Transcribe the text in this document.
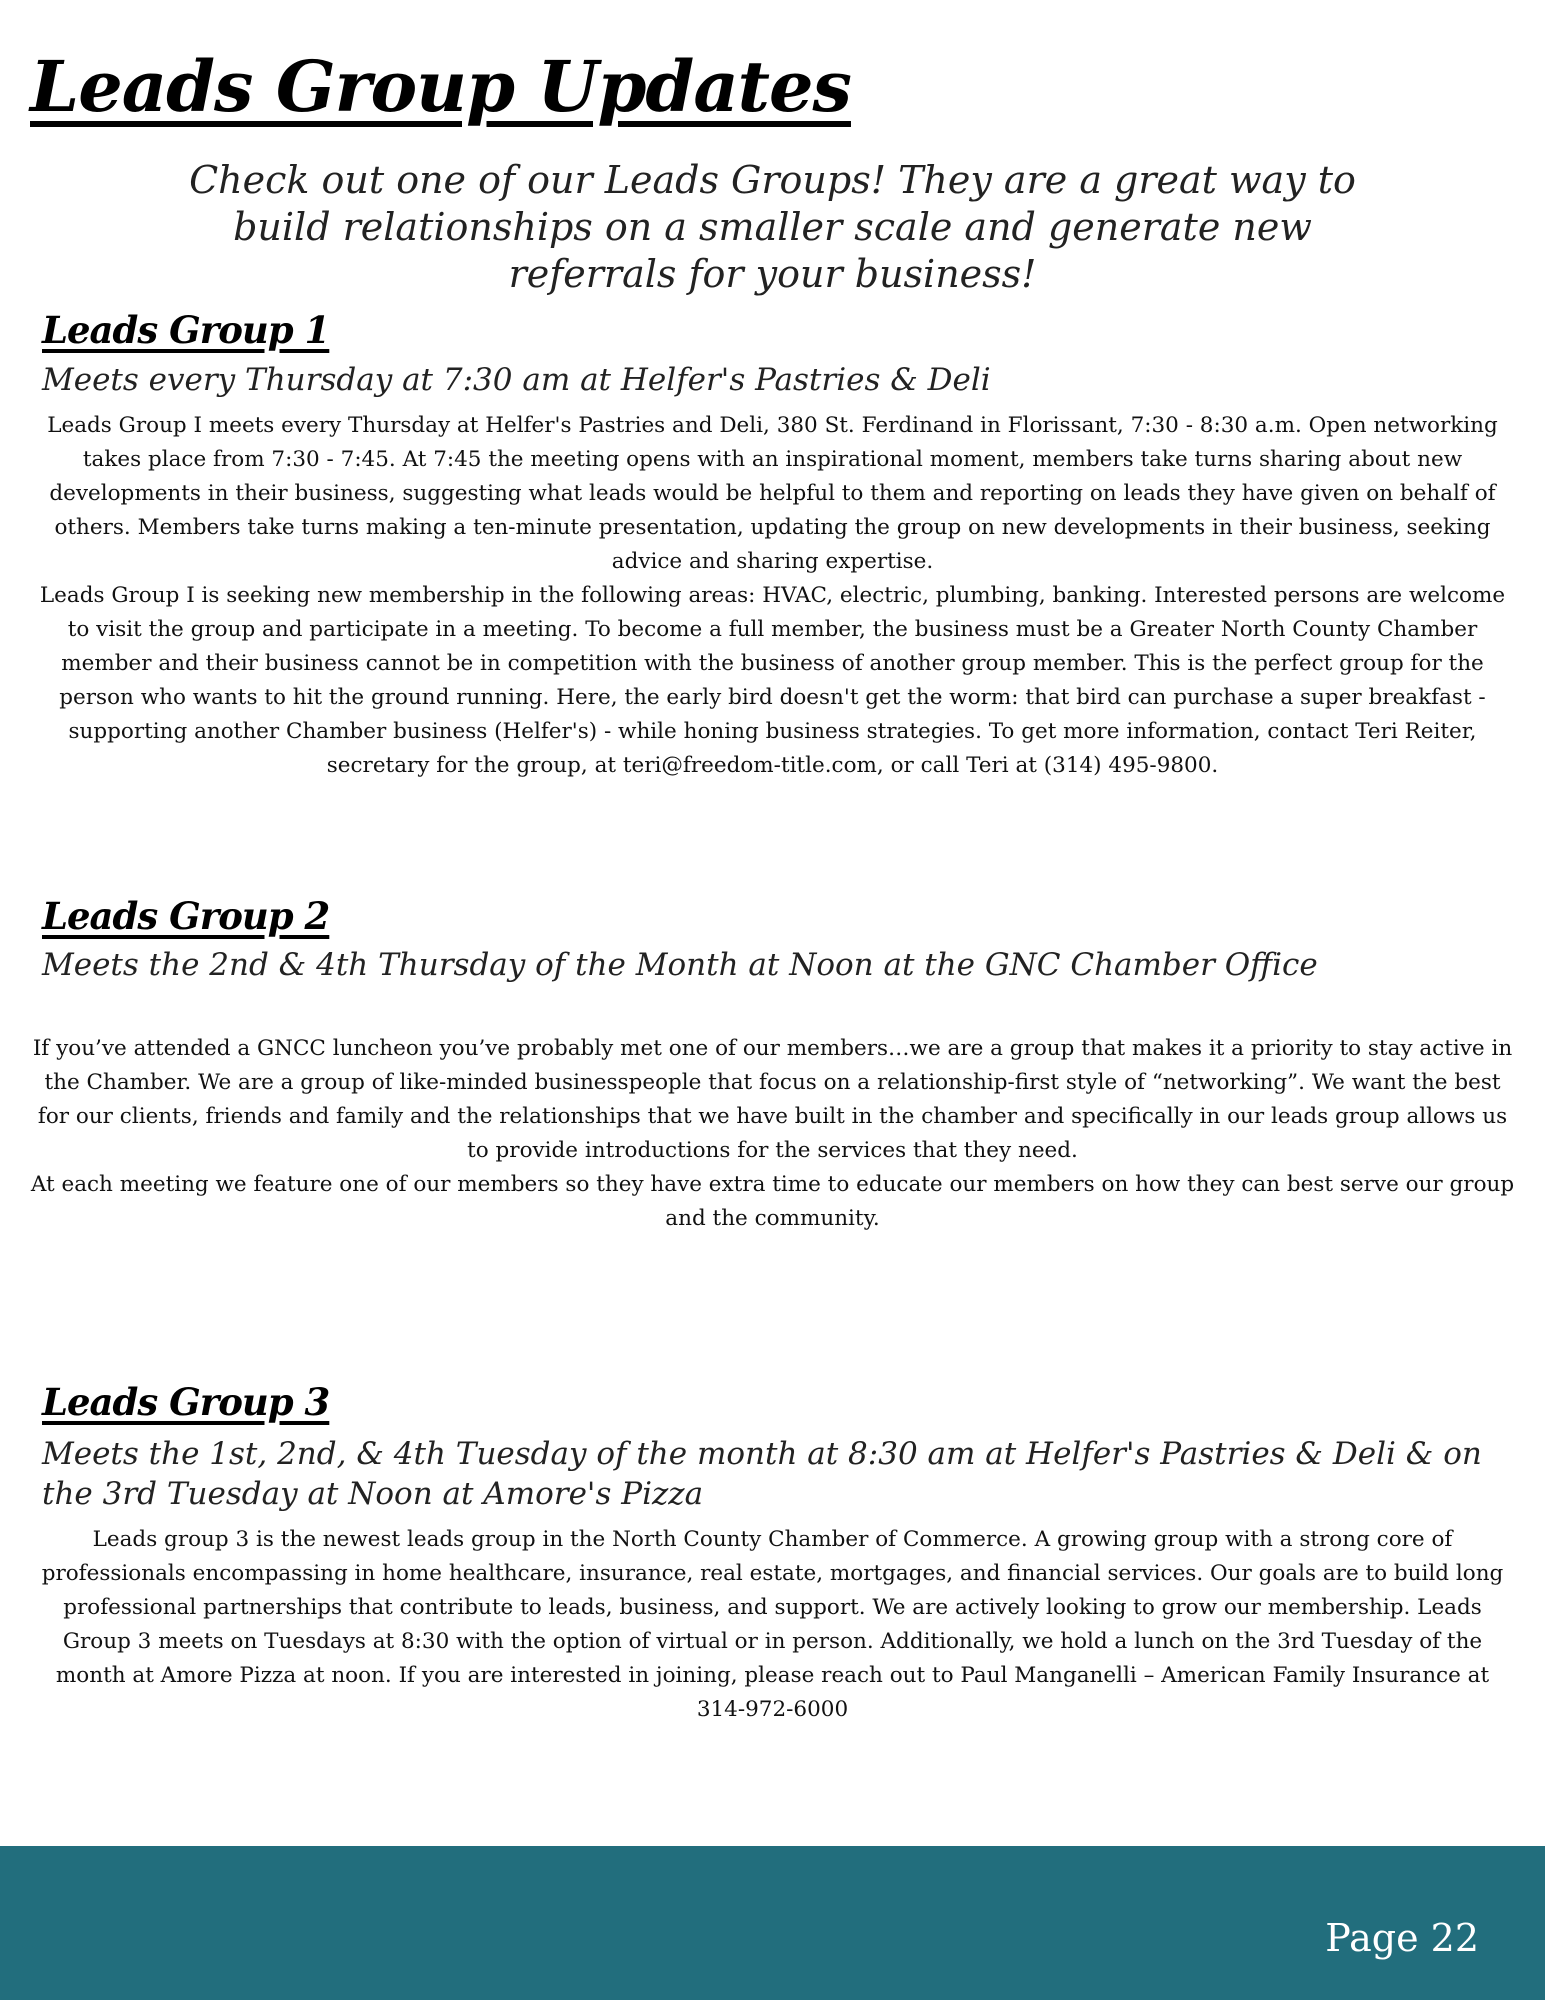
Leads Group Updates

Check out one of our Leads Groups! They are a great way to build relationships on a smaller scale and generate new referrals for your business!

Leads Group 1

Meets every Thursday at 7:30 am at Helfer's Pastries & Deli

Leads Group I meets every Thursday at Helfer's Pastries and Deli, 380 St. Ferdinand in Florissant, 7:30 - 8:30 a.m. Open networking takes place from 7:30 - 7:45. At 7:45 the meeting opens with an inspirational moment, members take turns sharing about new developments in their business, suggesting what leads would be helpful to them and reporting on leads they have given on behalf of others. Members take turns making a ten-minute presentation, updating the group on new developments in their business, seeking advice and sharing expertise.

Leads Group I is seeking new membership in the following areas: HVAC, electric, plumbing, banking. Interested persons are welcome to visit the group and participate in a meeting. To become a full member, the business must be a Greater North County Chamber member and their business cannot be in competition with the business of another group member. This is the perfect group for the person who wants to hit the ground running. Here, the early bird doesn't get the worm: that bird can purchase a super breakfast - supporting another Chamber business (Helfer's) - while honing business strategies. To get more information, contact Teri Reiter, secretary for the group, at teri@freedom-title.com, or call Teri at (314) 495-9800.

Leads Group 2

Meets the 2nd & 4th Thursday of the Month at Noon at the GNC Chamber Office

If you’ve attended a GNCC luncheon you’ve probably met one of our members…we are a group that makes it a priority to stay active in the Chamber. We are a group of like-minded businesspeople that focus on a relationship-first style of “networking”. We want the best for our clients, friends and family and the relationships that we have built in the chamber and specifically in our leads group allows us to provide introductions for the services that they need.

At each meeting we feature one of our members so they have extra time to educate our members on how they can best serve our group and the community.

Leads Group 3

Meets the 1st, 2nd, & 4th Tuesday of the month at 8:30 am at Helfer's Pastries & Deli & on the 3rd Tuesday at Noon at Amore's Pizza

Leads group 3 is the newest leads group in the North County Chamber of Commerce. A growing group with a strong core of professionals encompassing in home healthcare, insurance, real estate, mortgages, and financial services. Our goals are to build long professional partnerships that contribute to leads, business, and support. We are actively looking to grow our membership. Leads Group 3 meets on Tuesdays at 8:30 with the option of virtual or in person. Additionally, we hold a lunch on the 3rd Tuesday of the month at Amore Pizza at noon. If you are interested in joining, please reach out to Paul Manganelli – American Family Insurance at 314-972-6000

Page 22
